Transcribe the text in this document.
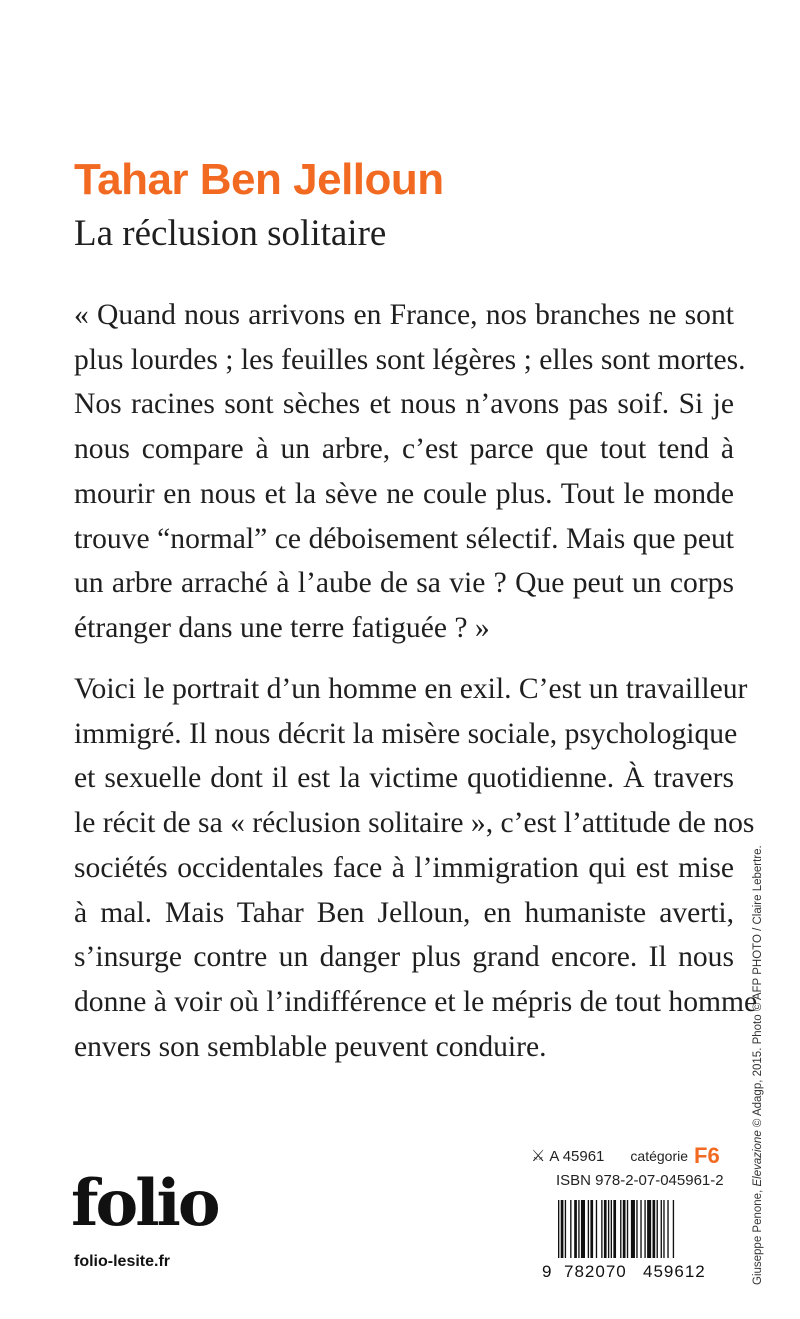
Tahar Ben Jelloun
La réclusion solitaire

« Quand nous arrivons en France, nos branches ne sont
plus lourdes ; les feuilles sont légères ; elles sont mortes.
Nos racines sont sèches et nous n’avons pas soif. Si je
nous compare à un arbre, c’est parce que tout tend à
mourir en nous et la sève ne coule plus. Tout le monde
trouve “normal” ce déboisement sélectif. Mais que peut
un arbre arraché à l’aube de sa vie ? Que peut un corps
étranger dans une terre fatiguée ? »

Voici le portrait d’un homme en exil. C’est un travailleur
immigré. Il nous décrit la misère sociale, psychologique
et sexuelle dont il est la victime quotidienne. À travers
le récit de sa « réclusion solitaire », c’est l’attitude de nos
sociétés occidentales face à l’immigration qui est mise
à mal. Mais Tahar Ben Jelloun, en humaniste averti,
s’insurge contre un danger plus grand encore. Il nous
donne à voir où l’indifférence et le mépris de tout homme
envers son semblable peuvent conduire.

Giuseppe Penone, Elevazione © Adagp, 2015. Photo © AFP PHOTO / Claire Lebertre.
folio
folio-lesite.fr
⚔ A 45961 catégorie F6
ISBN 978-2-07-045961-2
9 782070 459612
